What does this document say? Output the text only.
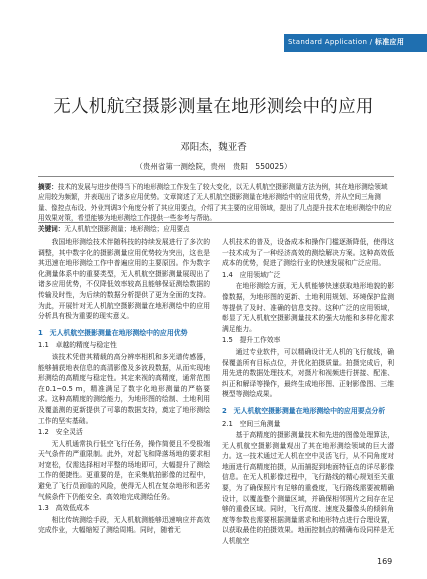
Standard Application / 标准应用
无人机航空摄影测量在地形测绘中的应用
邓阳杰，魏亚香
（贵州省第一测绘院，贵州　贵阳　550025）
摘要：技术的发展与进步使得当下的地形测绘工作发生了较大变化，以无人机航空摄影测量方法为例，其在地形测绘领域应用较为频繁，并表现出了诸多应用优势。文章简述了无人机航空摄影测量在地形测绘中的应用优势，并从空间三角测量、像控点布设、外业判调3个角度分析了其应用要点，介绍了其主要的应用领域，提出了几点提升技术在地形测绘中的应用效果对策，希望能够为地形测绘工作提供一些参考与帮助。
关键词：无人机航空摄影测量；地形测绘；应用要点

我国地形测绘技术伴随科技的持续发展进行了多次的调整，其中数字化的摄影测量应用优势较为突出，这也是其迅速在地形测绘工作中普遍应用的主要原因。作为数字化测量体系中的重要类型，无人机航空摄影测量展现出了诸多应用优势，不仅降低效率较高且能够保证测绘数据的传输及时性，为后续的数据分析提供了更为全面的支持。为此，开展针对无人机航空摄影测量在地形测绘中的应用分析具有极为重要的现实意义。

1　无人机航空摄影测量在地形测绘中的应用优势
1.1　卓越的精度与稳定性

该技术凭借其精载的高分辨率相机和多光谱传感器，能够捕获地表信息的高清影像及多波段数据，从而实现地形测绘的高精度与稳定性。其定来视的高精度，通常范围在0.1~0.5 m，精准满足了数字化地形测量的严格要求。这种高精度的测绘能力，为地形图的绘制、土地利用及覆盖测的更新提供了可靠的数据支持，奠定了地形测绘工作的坚实基础。

1.2　安全灵活

无人机通常执行低空飞行任务，操作简便且不受极端天气条件的严重限制。此外，对起飞和降落场地的要求相对宽松，仅需选择相对平整的场地即可，大幅提升了测绘工作的便捷性。更重要的是，在采集航拍影像的过程中，避免了飞行员面临的风险，使得无人机在复杂地形和恶劣气候条件下仍能安全、高效地完成测绘任务。

1.3　高效低成本

相比传统测绘手段，无人机航测能够迅速响应并高效完成作业，大幅缩短了测绘周期。同时，随着无

人机技术的普及，设备成本和操作门槛逐渐降低，使得这一技术成为了一种经济高效的测绘解决方案。这种高效低成本的优势，促进了测绘行业的快速发展和广泛应用。

1.4　应用领域广泛

在地形测绘方面，无人机能够快速获取地形地貌的影像数据，为地形图的更新、土地利用规划、环境保护监测等提供了及时、准确的信息支持。这种广泛的应用领域，彰显了无人机航空摄影测量技术的强大功能和多样化需求满足能力。

1.5　提升工作效率

通过专业软件，可以精确设计无人机的飞行航线，确保覆盖所有目标点位，并优化拍摄质量。拍摄完成后，利用先进的数据处理技术，对摄片和视频进行拼接、配准、纠正和解译等操作，最终生成地形图、正射影像图、三维模型等测绘成果。

2　无人机航空摄影测量在地形测绘中的应用要点分析
2.1　空间三角测量

基于高精度的摄影测量技术和先进的图像处理算法，无人机航空摄影测量观出了其在地形测绘领域的巨大潜力。这一技术通过无人机在空中灵活飞行，从不同角度对地面进行高精度拍摄，从而捕捉到地面特征点的详尽影像信息。在无人机影像过程中，飞行路线的精心规划至关重要，为了确保照片有足够的重叠度，飞行路线需要被精确设计，以覆盖整个测量区域，并确保相邻照片之间存在足够的重叠区域。同时，飞行高度、速度及攝像头的倾斜角度等参数也需要根据测量需求和地形特点进行合理设置，以获取最佳的拍摄效果。地面控制点的精确布设同样是无人机航空

169
